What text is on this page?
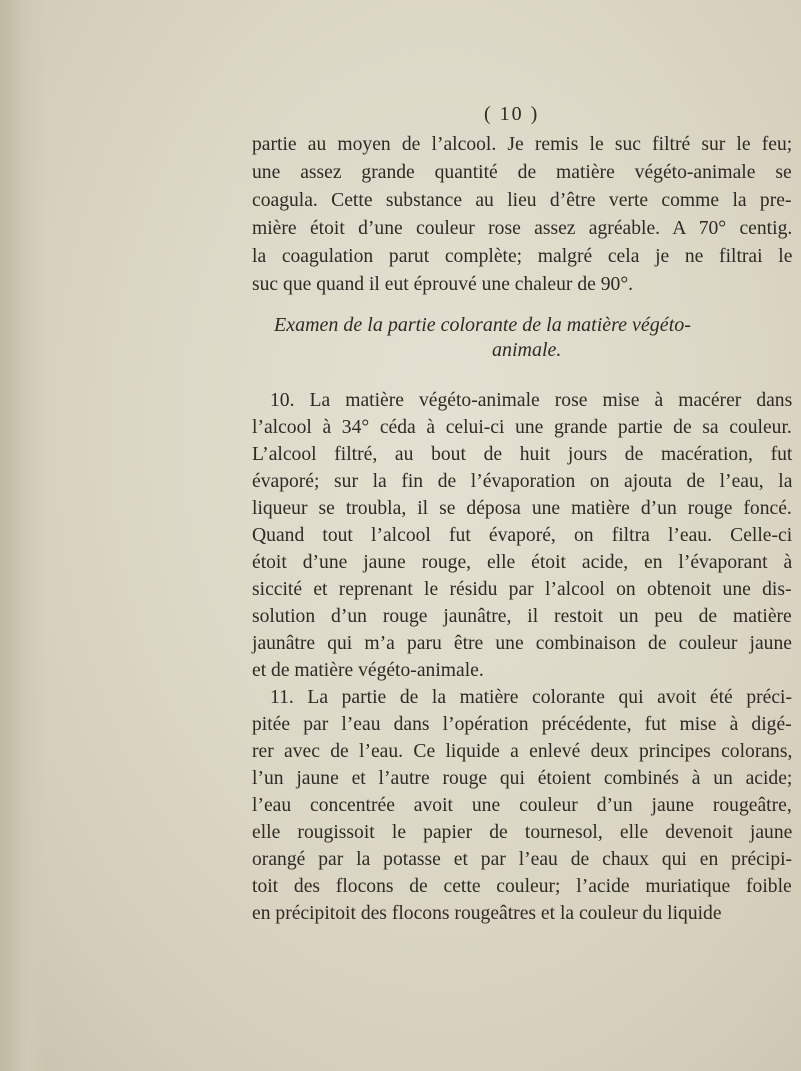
( 10 )
partie au moyen de l’alcool. Je remis le suc filtré sur le feu;
une assez grande quantité de matière végéto-animale se
coagula. Cette substance au lieu d’être verte comme la pre-
mière étoit d’une couleur rose assez agréable. A 70° centig.
la coagulation parut complète; malgré cela je ne filtrai le
suc que quand il eut éprouvé une chaleur de 90°.
Examen de la partie colorante de la matière végéto-
animale.
10. La matière végéto-animale rose mise à macérer dans
l’alcool à 34° céda à celui-ci une grande partie de sa couleur.
L’alcool filtré, au bout de huit jours de macération, fut
évaporé; sur la fin de l’évaporation on ajouta de l’eau, la
liqueur se troubla, il se déposa une matière d’un rouge foncé.
Quand tout l’alcool fut évaporé, on filtra l’eau. Celle-ci
étoit d’une jaune rouge, elle étoit acide, en l’évaporant à
siccité et reprenant le résidu par l’alcool on obtenoit une dis-
solution d’un rouge jaunâtre, il restoit un peu de matière
jaunâtre qui m’a paru être une combinaison de couleur jaune
et de matière végéto-animale.
11. La partie de la matière colorante qui avoit été préci-
pitée par l’eau dans l’opération précédente, fut mise à digé-
rer avec de l’eau. Ce liquide a enlevé deux principes colorans,
l’un jaune et l’autre rouge qui étoient combinés à un acide;
l’eau concentrée avoit une couleur d’un jaune rougeâtre,
elle rougissoit le papier de tournesol, elle devenoit jaune
orangé par la potasse et par l’eau de chaux qui en précipi-
toit des flocons de cette couleur; l’acide muriatique foible
en précipitoit des flocons rougeâtres et la couleur du liquide
